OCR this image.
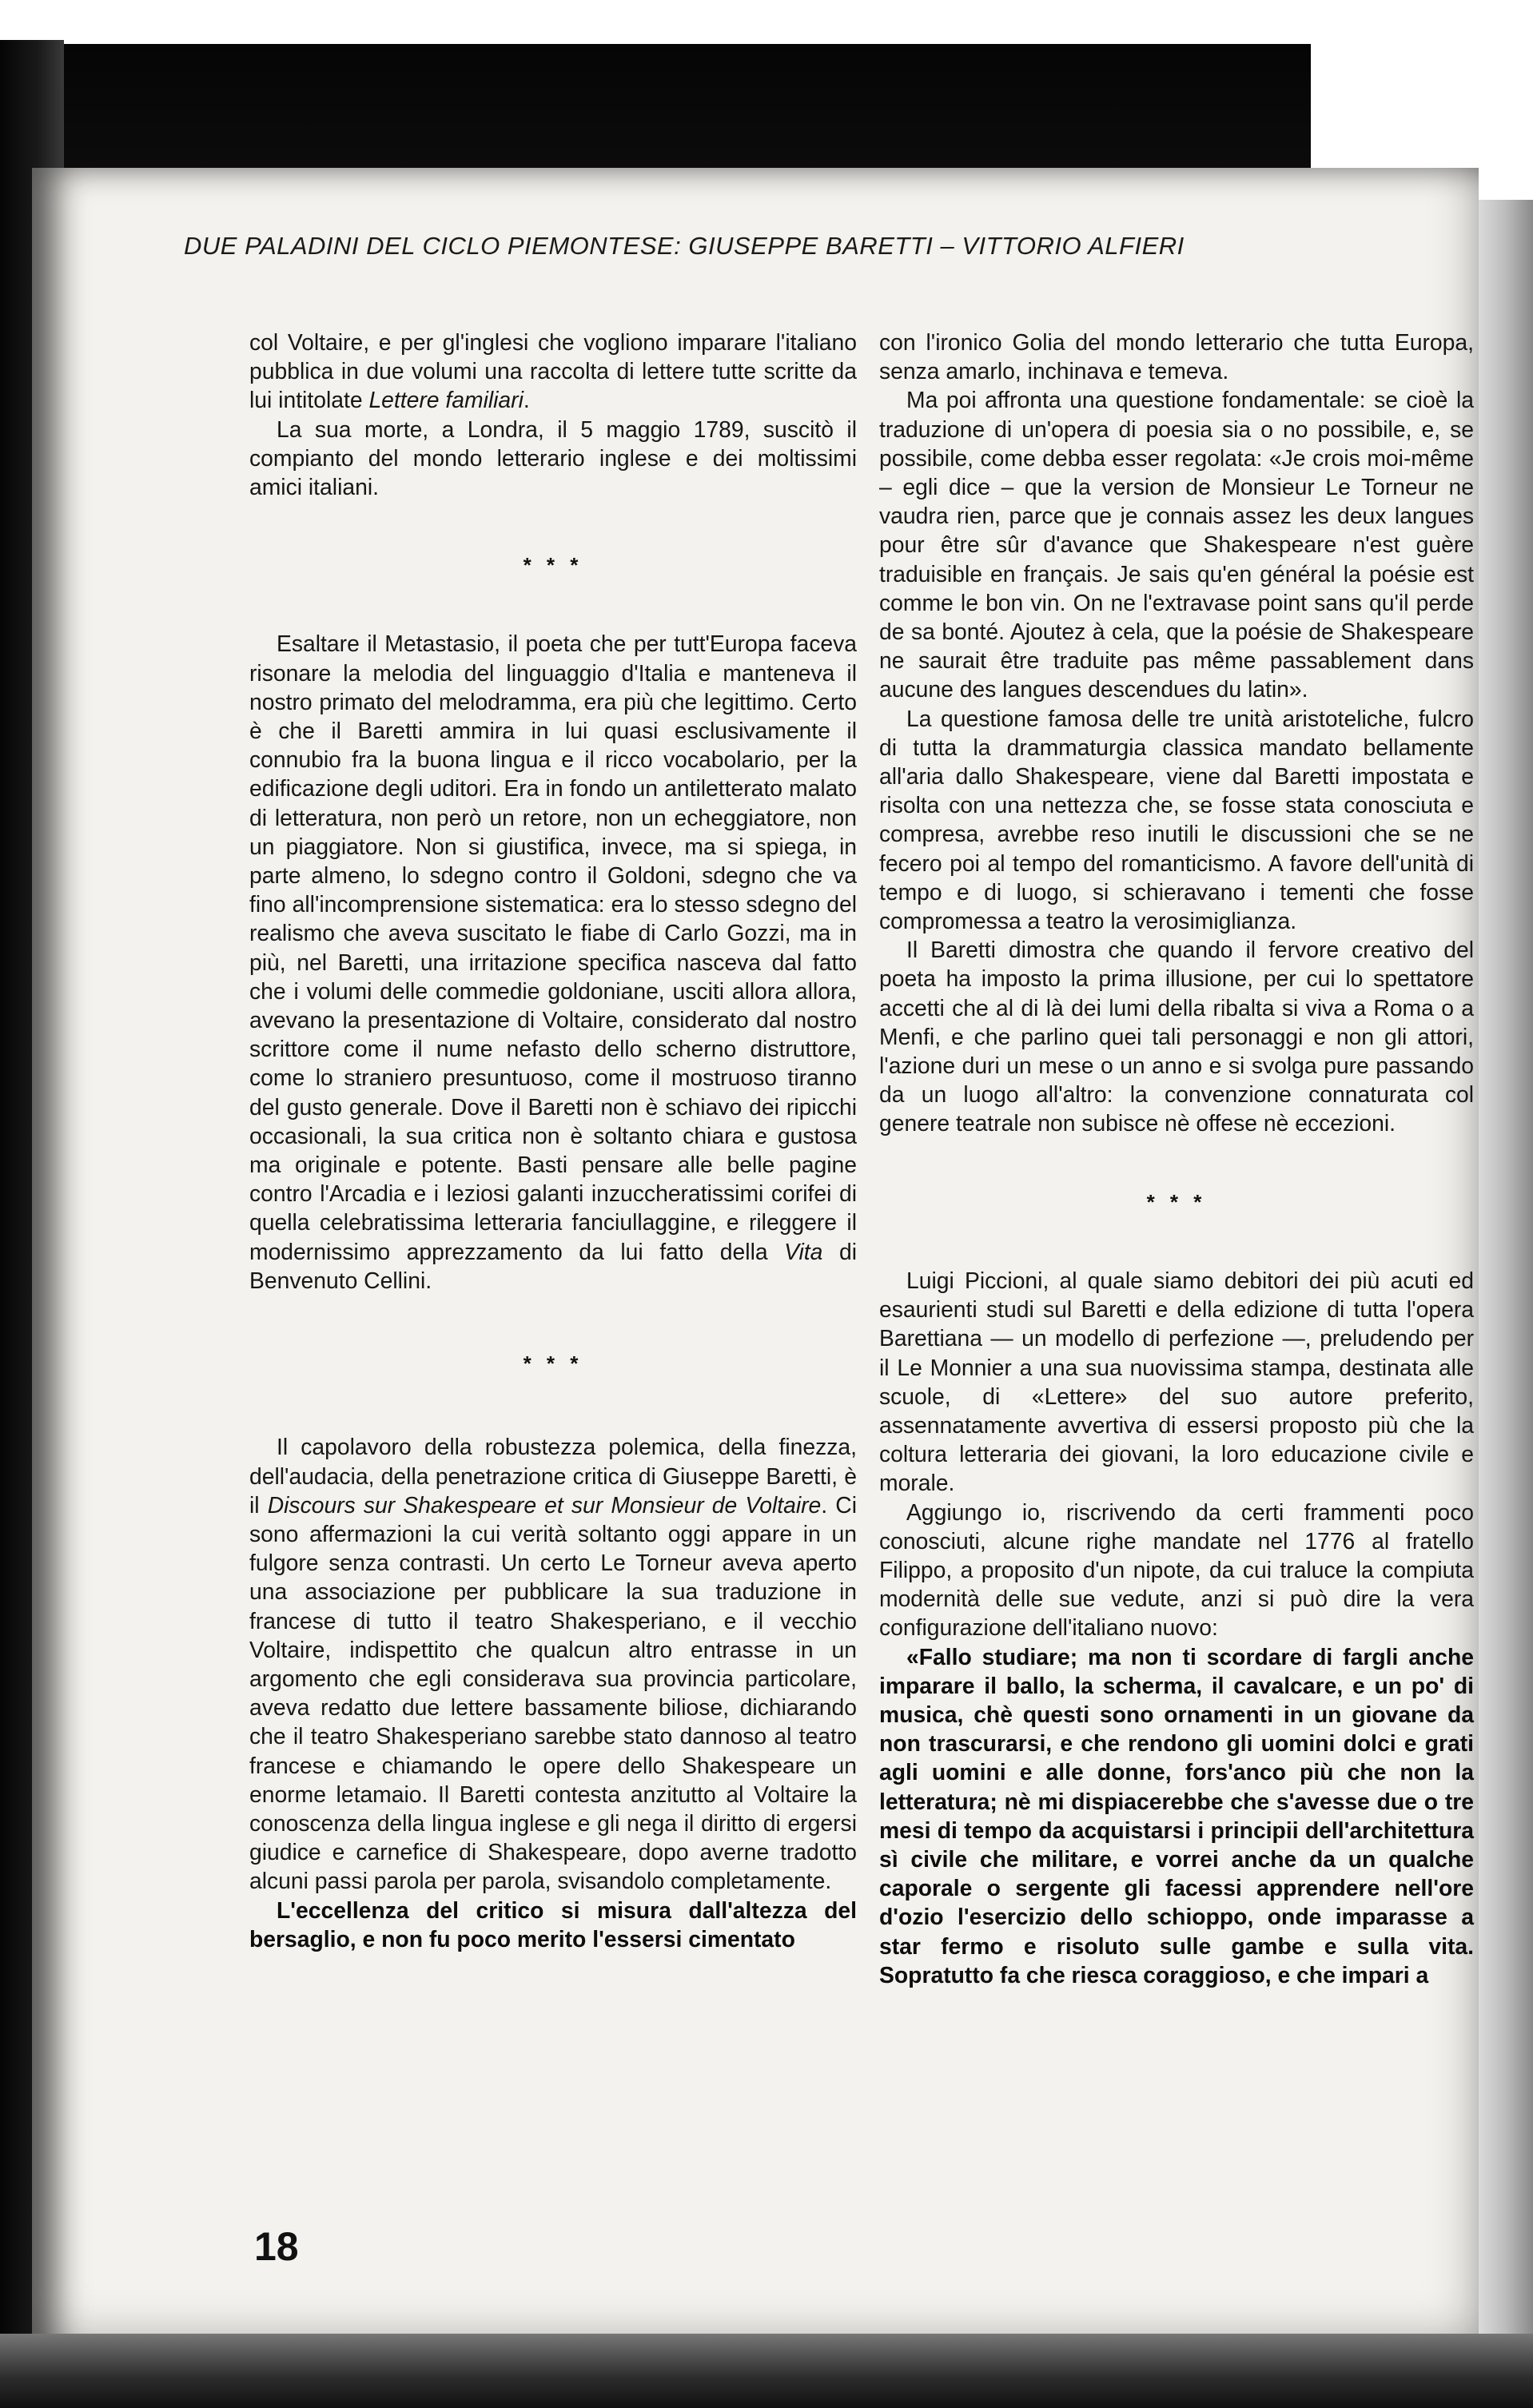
DUE PALADINI DEL CICLO PIEMONTESE: GIUSEPPE BARETTI – VITTORIO ALFIERI

col Voltaire, e per gl'inglesi che vogliono imparare l'italiano pubblica in due volumi una raccolta di lettere tutte scritte da lui intitolate Lettere familiari.

La sua morte, a Londra, il 5 maggio 1789, suscitò il compianto del mondo letterario inglese e dei moltissimi amici italiani.

* * *

Esaltare il Metastasio, il poeta che per tutt'Europa faceva risonare la melodia del linguaggio d'Italia e manteneva il nostro primato del melodramma, era più che legittimo. Certo è che il Baretti ammira in lui quasi esclusivamente il connubio fra la buona lingua e il ricco vocabolario, per la edificazione degli uditori. Era in fondo un antiletterato malato di letteratura, non però un retore, non un echeggiatore, non un piaggiatore. Non si giustifica, invece, ma si spiega, in parte almeno, lo sdegno contro il Goldoni, sdegno che va fino all'incomprensione sistematica: era lo stesso sdegno del realismo che aveva suscitato le fiabe di Carlo Gozzi, ma in più, nel Baretti, una irritazione specifica nasceva dal fatto che i volumi delle commedie goldoniane, usciti allora allora, avevano la presentazione di Voltaire, considerato dal nostro scrittore come il nume nefasto dello scherno distruttore, come lo straniero presuntuoso, come il mostruoso tiranno del gusto generale. Dove il Baretti non è schiavo dei ripicchi occasionali, la sua critica non è soltanto chiara e gustosa ma originale e potente. Basti pensare alle belle pagine contro l'Arcadia e i leziosi galanti inzuccheratissimi corifei di quella celebratissima letteraria fanciullaggine, e rileggere il modernissimo apprezzamento da lui fatto della Vita di Benvenuto Cellini.

* * *

Il capolavoro della robustezza polemica, della finezza, dell'audacia, della penetrazione critica di Giuseppe Baretti, è il Discours sur Shakespeare et sur Monsieur de Voltaire. Ci sono affermazioni la cui verità soltanto oggi appare in un fulgore senza contrasti. Un certo Le Torneur aveva aperto una associazione per pubblicare la sua traduzione in francese di tutto il teatro Shakesperiano, e il vecchio Voltaire, indispettito che qualcun altro entrasse in un argomento che egli considerava sua provincia particolare, aveva redatto due lettere bassamente biliose, dichiarando che il teatro Shakesperiano sarebbe stato dannoso al teatro francese e chiamando le opere dello Shakespeare un enorme letamaio. Il Baretti contesta anzitutto al Voltaire la conoscenza della lingua inglese e gli nega il diritto di ergersi giudice e carnefice di Shakespeare, dopo averne tradotto alcuni passi parola per parola, svisandolo completamente.

L'eccellenza del critico si misura dall'altezza del bersaglio, e non fu poco merito l'essersi cimentato

con l'ironico Golia del mondo letterario che tutta Europa, senza amarlo, inchinava e temeva.

Ma poi affronta una questione fondamentale: se cioè la traduzione di un'opera di poesia sia o no possibile, e, se possibile, come debba esser regolata: «Je crois moi-même – egli dice – que la version de Monsieur Le Torneur ne vaudra rien, parce que je connais assez les deux langues pour être sûr d'avance que Shakespeare n'est guère traduisible en français. Je sais qu'en général la poésie est comme le bon vin. On ne l'extravase point sans qu'il perde de sa bonté. Ajoutez à cela, que la poésie de Shakespeare ne saurait être traduite pas même passablement dans aucune des langues descendues du latin».

La questione famosa delle tre unità aristoteliche, fulcro di tutta la drammaturgia classica mandato bellamente all'aria dallo Shakespeare, viene dal Baretti impostata e risolta con una nettezza che, se fosse stata conosciuta e compresa, avrebbe reso inutili le discussioni che se ne fecero poi al tempo del romanticismo. A favore dell'unità di tempo e di luogo, si schieravano i tementi che fosse compromessa a teatro la verosimiglianza.

Il Baretti dimostra che quando il fervore creativo del poeta ha imposto la prima illusione, per cui lo spettatore accetti che al di là dei lumi della ribalta si viva a Roma o a Menfi, e che parlino quei tali personaggi e non gli attori, l'azione duri un mese o un anno e si svolga pure passando da un luogo all'altro: la convenzione connaturata col genere teatrale non subisce nè offese nè eccezioni.

* * *

Luigi Piccioni, al quale siamo debitori dei più acuti ed esaurienti studi sul Baretti e della edizione di tutta l'opera Barettiana — un modello di perfezione —, preludendo per il Le Monnier a una sua nuovissima stampa, destinata alle scuole, di «Lettere» del suo autore preferito, assennatamente avvertiva di essersi proposto più che la coltura letteraria dei giovani, la loro educazione civile e morale.

Aggiungo io, riscrivendo da certi frammenti poco conosciuti, alcune righe mandate nel 1776 al fratello Filippo, a proposito d'un nipote, da cui traluce la compiuta modernità delle sue vedute, anzi si può dire la vera configurazione dell'italiano nuovo:

«Fallo studiare; ma non ti scordare di fargli anche imparare il ballo, la scherma, il cavalcare, e un po' di musica, chè questi sono ornamenti in un giovane da non trascurarsi, e che rendono gli uomini dolci e grati agli uomini e alle donne, fors'anco più che non la letteratura; nè mi dispiacerebbe che s'avesse due o tre mesi di tempo da acquistarsi i principii dell'architettura sì civile che militare, e vorrei anche da un qualche caporale o sergente gli facessi apprendere nell'ore d'ozio l'esercizio dello schioppo, onde imparasse a star fermo e risoluto sulle gambe e sulla vita. Sopratutto fa che riesca coraggioso, e che impari a

18
